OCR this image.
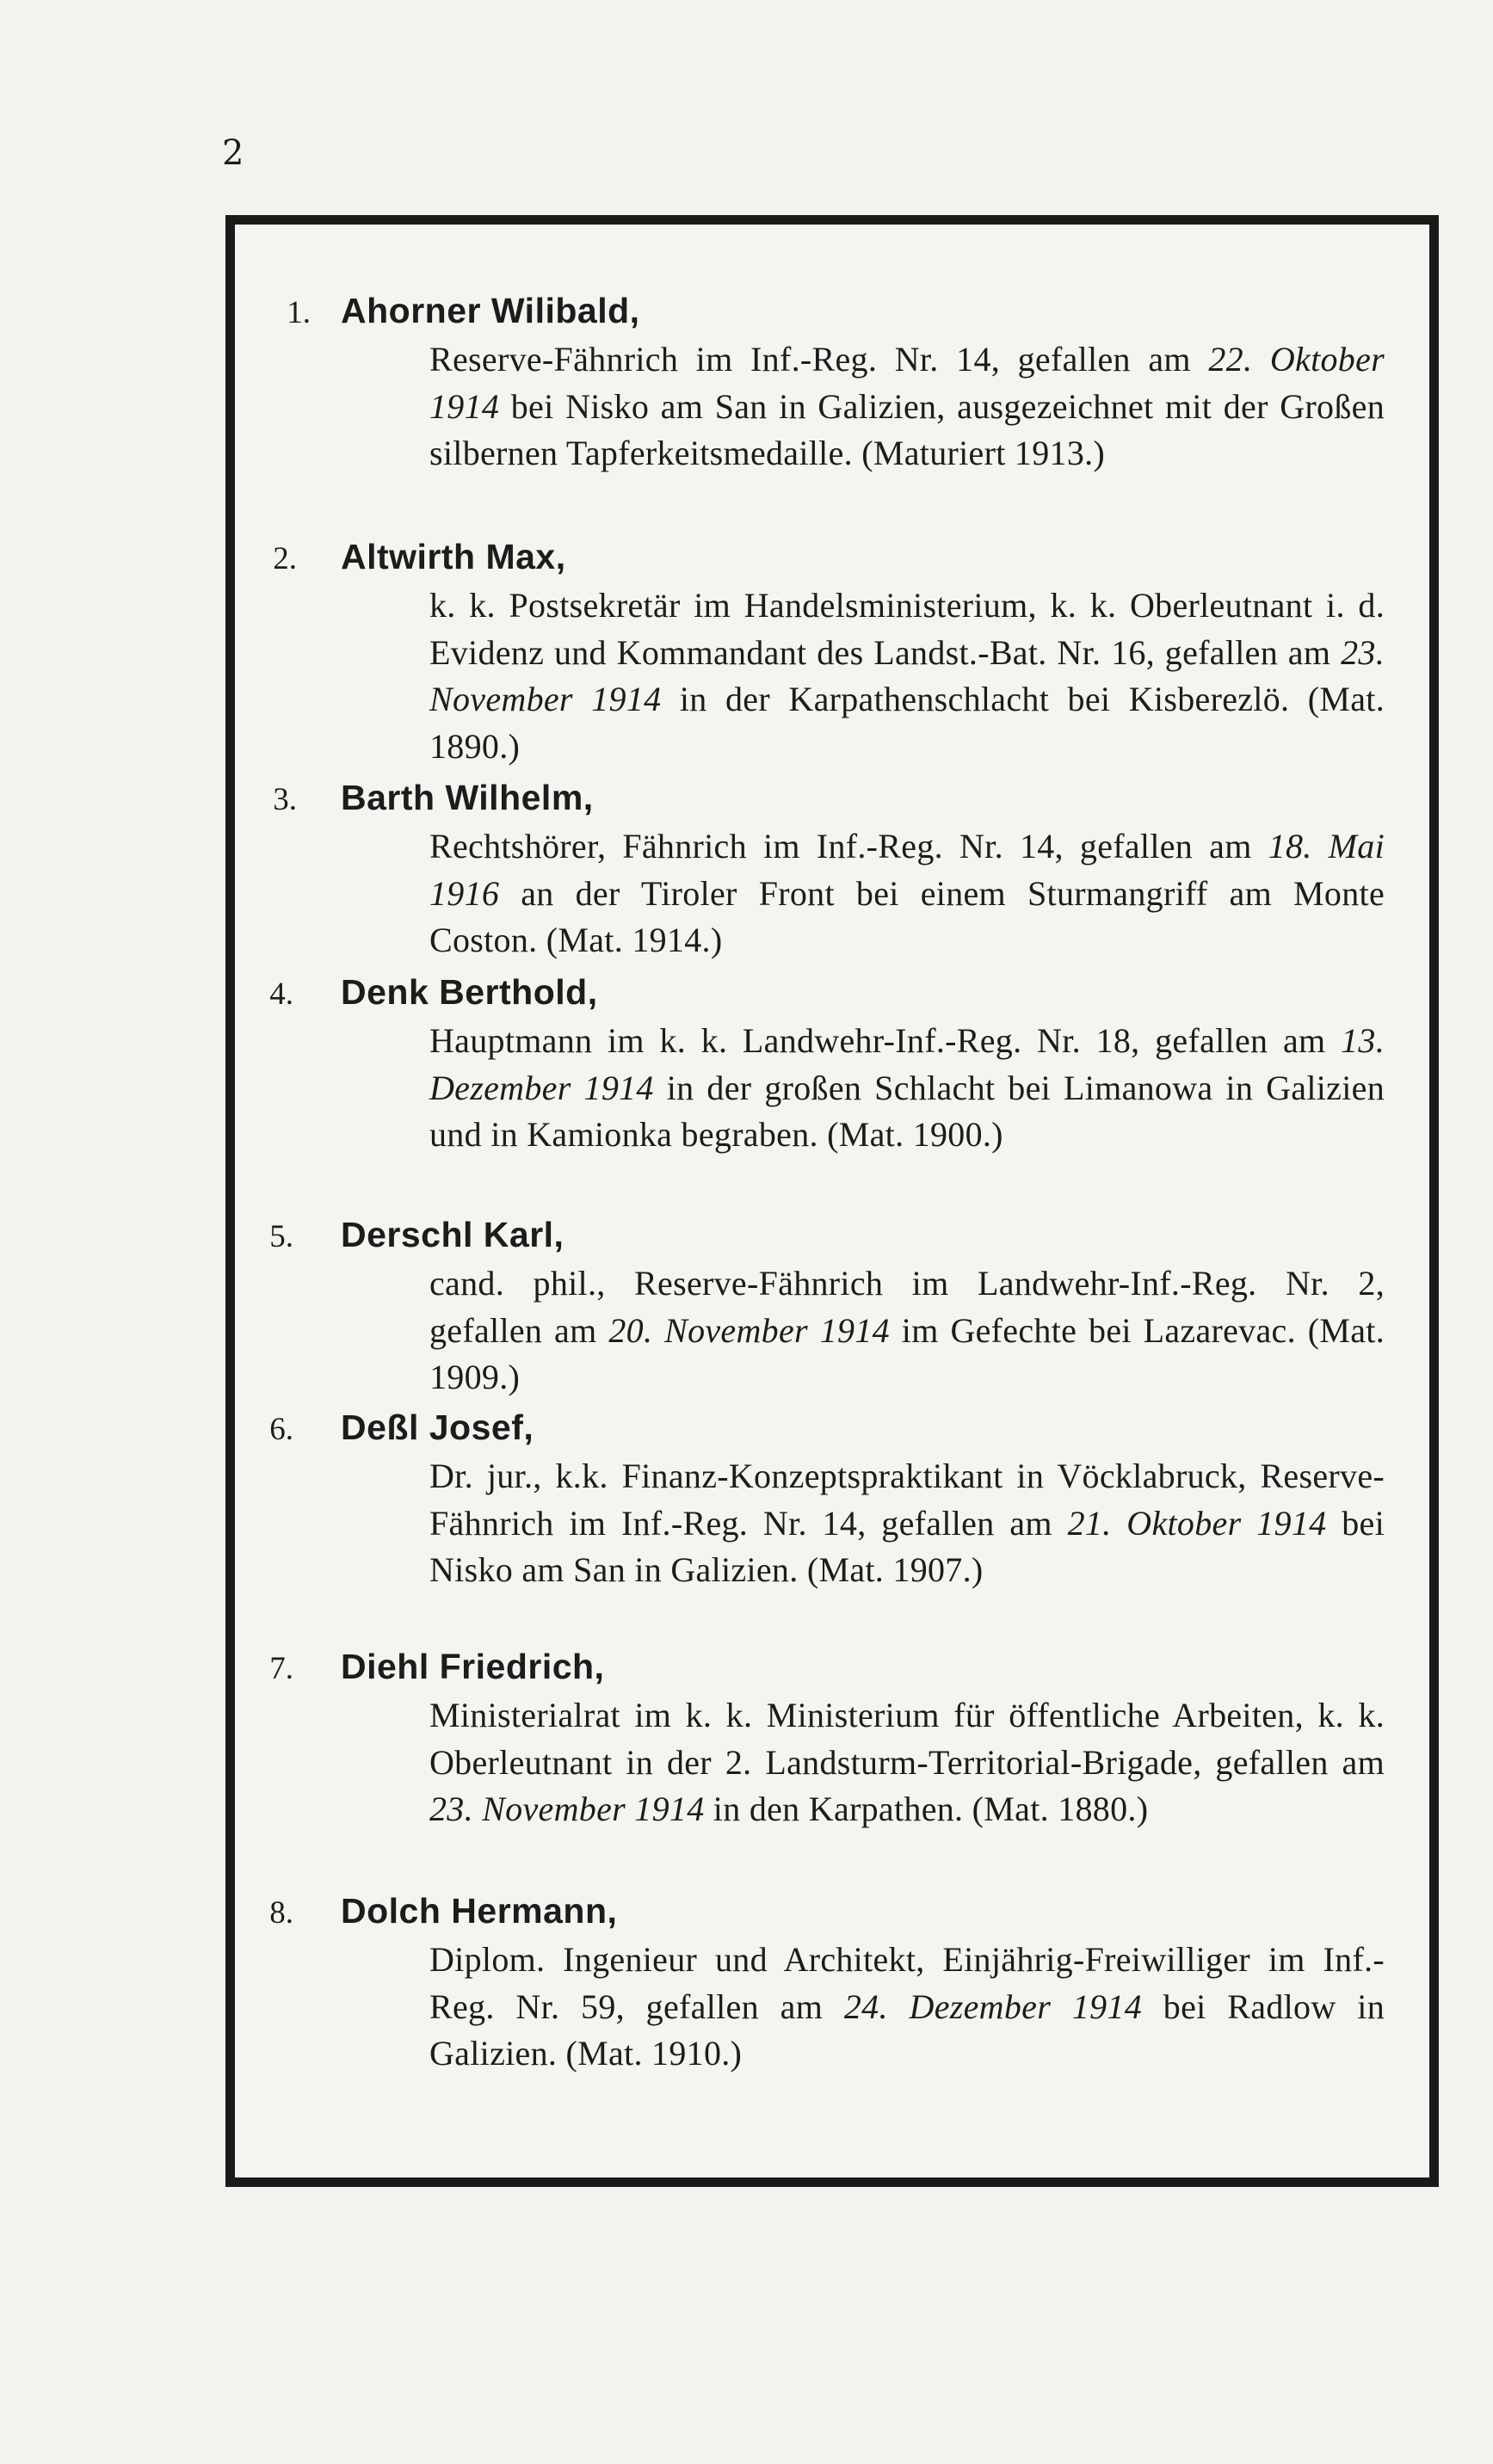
2
1. Ahorner Wilibald,
Reserve-Fähnrich im Inf.-Reg. Nr. 14, gefallen am 22. Oktober 1914 bei Nisko am San in Galizien, ausgezeichnet mit der Großen silbernen Tapferkeitsmedaille. (Maturiert 1913.)
2. Altwirth Max,
k. k. Postsekretär im Handelsministerium, k. k. Oberleutnant i. d. Evidenz und Kommandant des Landst.-Bat. Nr. 16, gefallen am 23. November 1914 in der Karpathenschlacht bei Kisberezlö. (Mat. 1890.)
3. Barth Wilhelm,
Rechtshörer, Fähnrich im Inf.-Reg. Nr. 14, gefallen am 18. Mai 1916 an der Tiroler Front bei einem Sturmangriff am Monte Coston. (Mat. 1914.)
4. Denk Berthold,
Hauptmann im k. k. Landwehr-Inf.-Reg. Nr. 18, gefallen am 13. Dezember 1914 in der großen Schlacht bei Limanowa in Galizien und in Kamionka begraben. (Mat. 1900.)
5. Derschl Karl,
cand. phil., Reserve-Fähnrich im Landwehr-Inf.-Reg. Nr. 2, gefallen am 20. November 1914 im Gefechte bei Lazarevac. (Mat. 1909.)
6. Deßl Josef,
Dr. jur., k.k. Finanz-Konzeptspraktikant in Vöcklabruck, Reserve-Fähnrich im Inf.-Reg. Nr. 14, gefallen am 21. Oktober 1914 bei Nisko am San in Galizien. (Mat. 1907.)
7. Diehl Friedrich,
Ministerialrat im k. k. Ministerium für öffentliche Arbeiten, k. k. Oberleutnant in der 2. Landsturm-Territorial-Brigade, gefallen am 23. November 1914 in den Karpathen. (Mat. 1880.)
8. Dolch Hermann,
Diplom. Ingenieur und Architekt, Einjährig-Freiwilliger im Inf.-Reg. Nr. 59, gefallen am 24. Dezember 1914 bei Radlow in Galizien. (Mat. 1910.)
